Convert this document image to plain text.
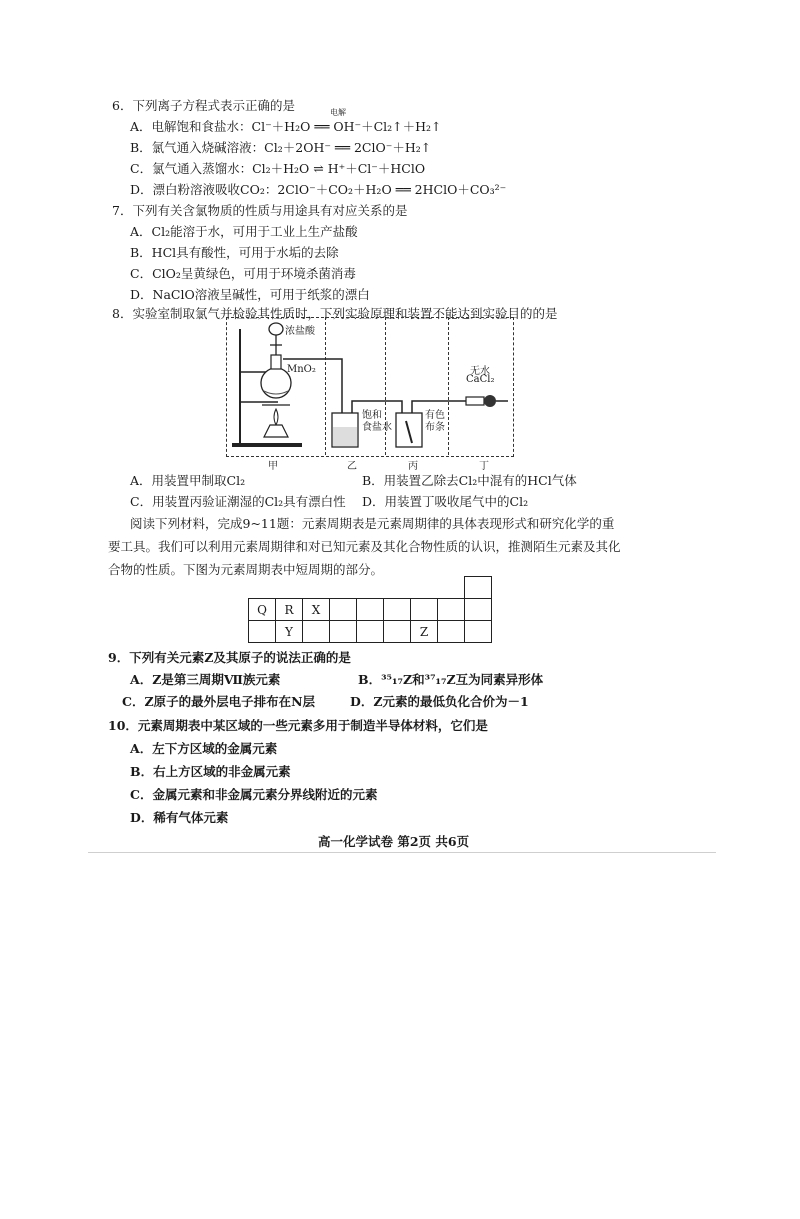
6．下列离子方程式表示正确的是
A．电解饱和食盐水：Cl⁻＋H₂O ══ OH⁻＋Cl₂↑＋H₂↑
电解
B．氯气通入烧碱溶液：Cl₂＋2OH⁻ ══ 2ClO⁻＋H₂↑
C．氯气通入蒸馏水：Cl₂＋H₂O ⇌ H⁺＋Cl⁻＋HClO
D．漂白粉溶液吸收CO₂：2ClO⁻＋CO₂＋H₂O ══ 2HClO＋CO₃²⁻
7．下列有关含氯物质的性质与用途具有对应关系的是
A．Cl₂能溶于水，可用于工业上生产盐酸
B．HCl具有酸性，可用于水垢的去除
C．ClO₂呈黄绿色，可用于环境杀菌消毒
D．NaClO溶液呈碱性，可用于纸浆的漂白
8．实验室制取氯气并检验其性质时，下列实验原理和装置不能达到实验目的的是
浓盐酸
MnO₂
饱和
食盐水
有色
布条
无水
CaCl₂
甲	乙	丙	丁
A．用装置甲制取Cl₂	B．用装置乙除去Cl₂中混有的HCl气体
C．用装置丙验证潮湿的Cl₂具有漂白性 D．用装置丁吸收尾气中的Cl₂
阅读下列材料，完成9~11题：元素周期表是元素周期律的具体表现形式和研究化学的重
要工具。我们可以利用元素周期律和对已知元素及其化合物性质的认识，推测陌生元素及其化
合物的性质。下图为元素周期表中短周期的部分。

Q	R	X						
	Y					Z		
9．下列有关元素Z及其原子的说法正确的是
A．Z是第三周期Ⅶ族元素	B．³⁵₁₇Z和³⁷₁₇Z互为同素异形体
C．Z原子的最外层电子排布在N层	D．Z元素的最低负化合价为－1
10．元素周期表中某区域的一些元素多用于制造半导体材料，它们是
A．左下方区域的金属元素
B．右上方区域的非金属元素
C．金属元素和非金属元素分界线附近的元素
D．稀有气体元素
高一化学试卷 第2页 共6页
